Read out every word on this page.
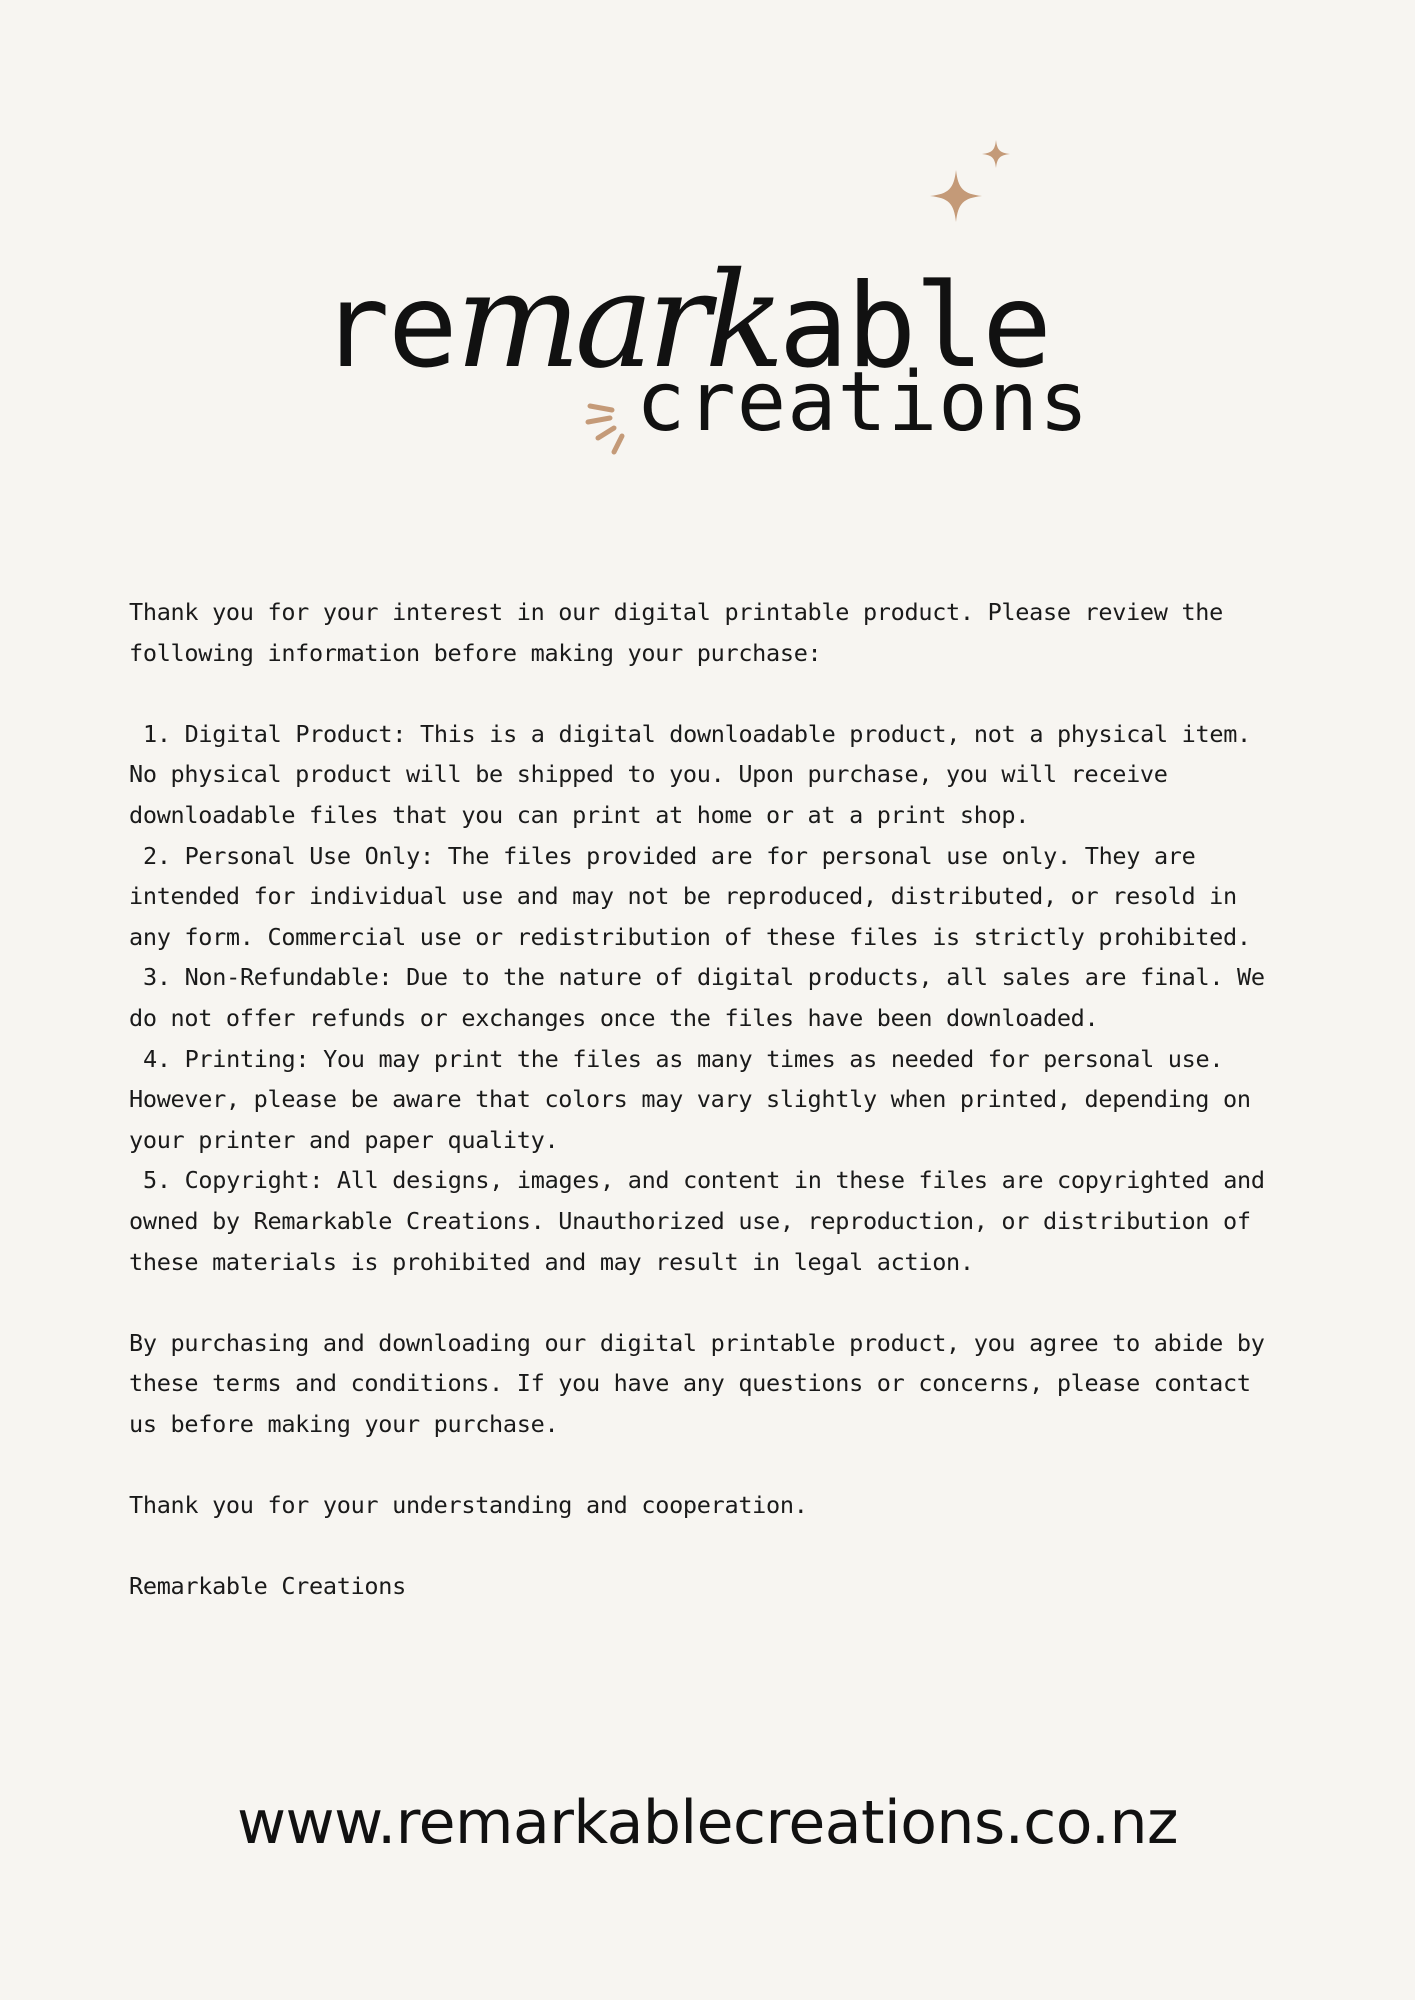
remarkable
creations

Thank you for your interest in our digital printable product. Please review the following information before making your purchase:

1. Digital Product: This is a digital downloadable product, not a physical item. No physical product will be shipped to you. Upon purchase, you will receive downloadable files that you can print at home or at a print shop.
2. Personal Use Only: The files provided are for personal use only. They are intended for individual use and may not be reproduced, distributed, or resold in any form. Commercial use or redistribution of these files is strictly prohibited.
3. Non-Refundable: Due to the nature of digital products, all sales are final. We do not offer refunds or exchanges once the files have been downloaded.
4. Printing: You may print the files as many times as needed for personal use. However, please be aware that colors may vary slightly when printed, depending on your printer and paper quality.
5. Copyright: All designs, images, and content in these files are copyrighted and owned by Remarkable Creations. Unauthorized use, reproduction, or distribution of these materials is prohibited and may result in legal action.

By purchasing and downloading our digital printable product, you agree to abide by these terms and conditions. If you have any questions or concerns, please contact us before making your purchase.

Thank you for your understanding and cooperation.

Remarkable Creations

www.remarkablecreations.co.nz
